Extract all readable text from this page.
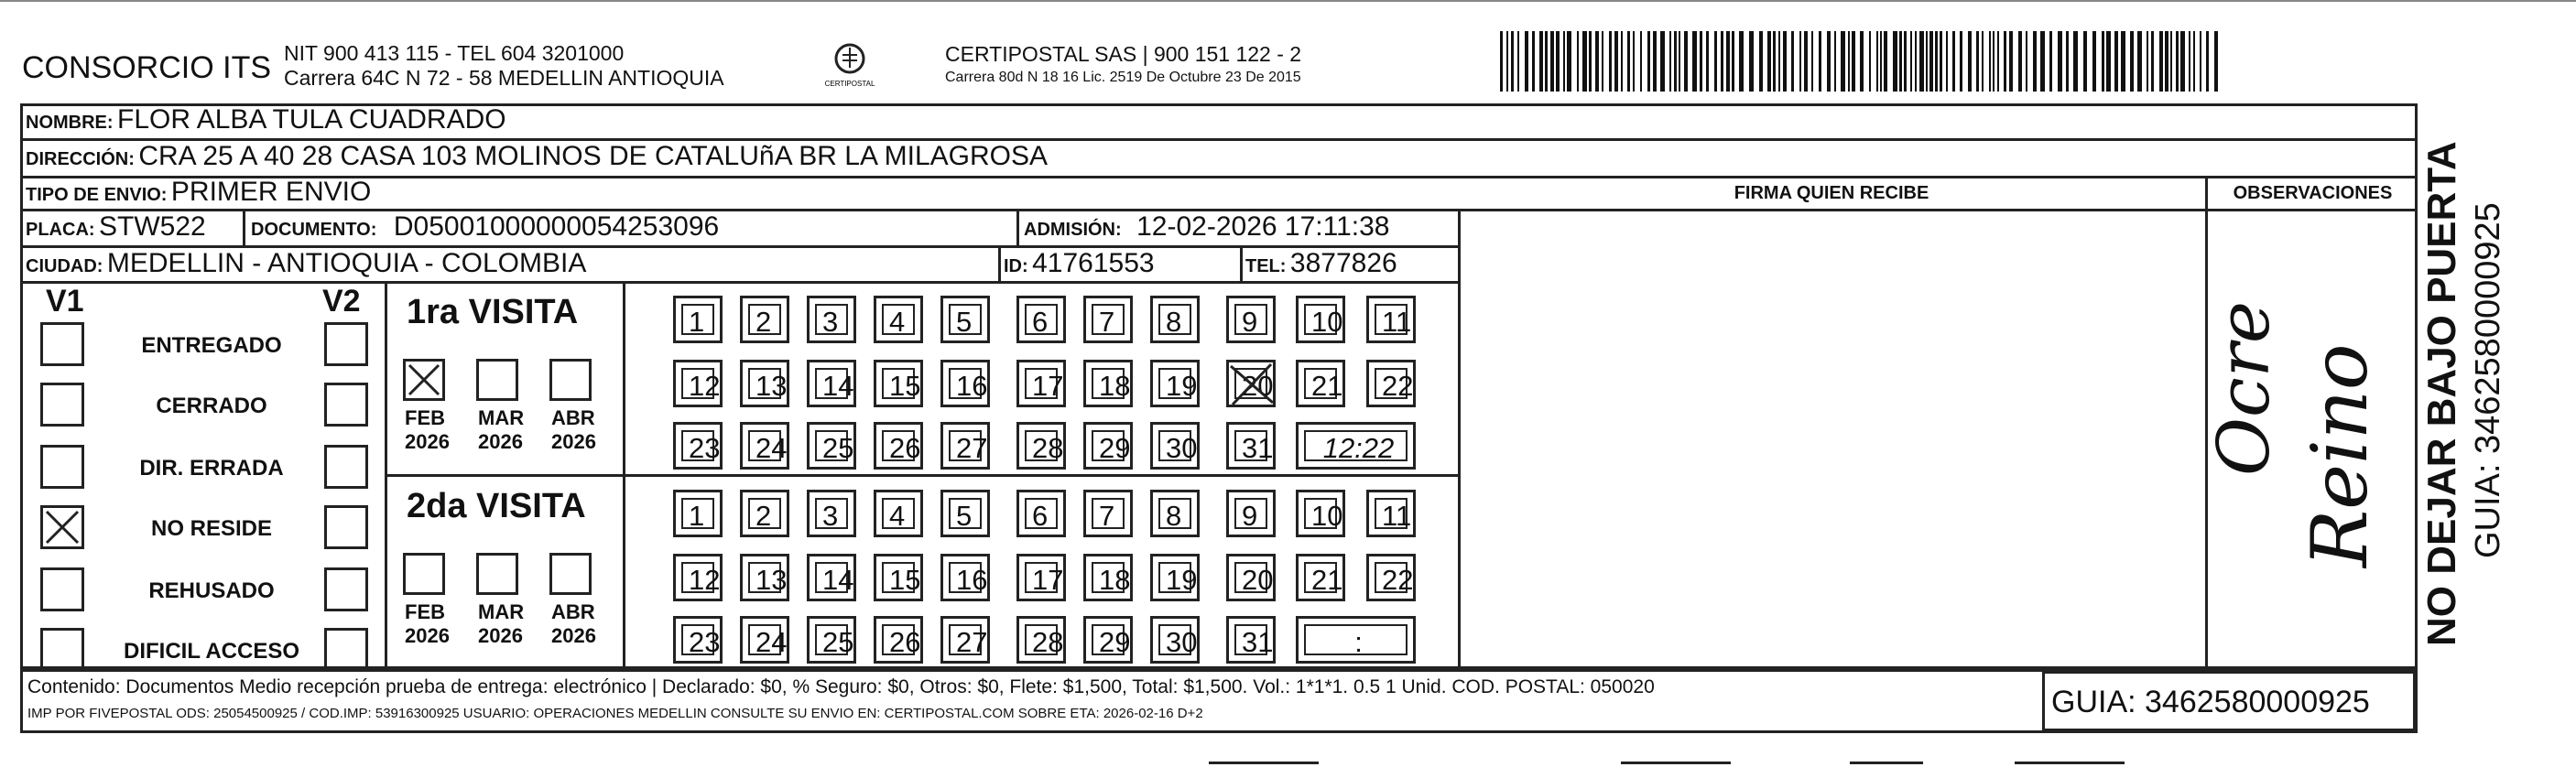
CONSORCIO ITS NIT 900 413 115 - TEL 604 3201000
Carrera 64C N 72 - 58 MEDELLIN ANTIOQUIA	CERTIPOSTAL
CERTIPOSTAL SAS | 900 151 122 - 2
Carrera 80d N 18 16 Lic. 2519 De Octubre 23 De 2015
NOMBRE: FLOR ALBA TULA CUADRADO
DIRECCIÓN: CRA 25 A 40 28 CASA 103 MOLINOS DE CATALUñA BR LA MILAGROSA
TIPO DE ENVIO: PRIMER ENVIO	FIRMA QUIEN RECIBE	OBSERVACIONES
PLACA: STW522 DOCUMENTO: D05001000000054253096	ADMISIÓN: 12-02-2026 17:11:38
CIUDAD: MEDELLIN - ANTIOQUIA - COLOMBIA	ID: 41761553	TEL: 3877826
V1	V2
ENTREGADO
CERRADO
DIR. ERRADA
NO RESIDE
REHUSADO
DIFICIL ACCESO
1ra VISITA
2da VISITA
FEB
2026
MAR
2026
ABR
2026
FEB
2026
MAR
2026
ABR
2026
1	2	3	4	5	6	7	8	9	10 11
12 13 14 15 16 17 18 19 20 21 22
23 24 25 26 27 28 29 30 31	12:22
1	2	3	4	5	6	7	8	9	10 11
12 13 14 15 16 17 18 19 20 21 22
23 24 25 26 27 28 29 30 31	:
Ocre Reino NO DEJAR BAJO PUERTA GUIA: 3462580000925
Contenido: Documentos Medio recepción prueba de entrega: electrónico | Declarado: $0, % Seguro: $0, Otros: $0, Flete: $1,500, Total: $1,500. Vol.: 1*1*1. 0.5 1 Unid. COD. POSTAL: 050020
IMP POR FIVEPOSTAL ODS: 25054500925 / COD.IMP: 53916300925 USUARIO: OPERACIONES MEDELLIN CONSULTE SU ENVIO EN: CERTIPOSTAL.COM SOBRE ETA: 2026-02-16 D+2	GUIA: 3462580000925
